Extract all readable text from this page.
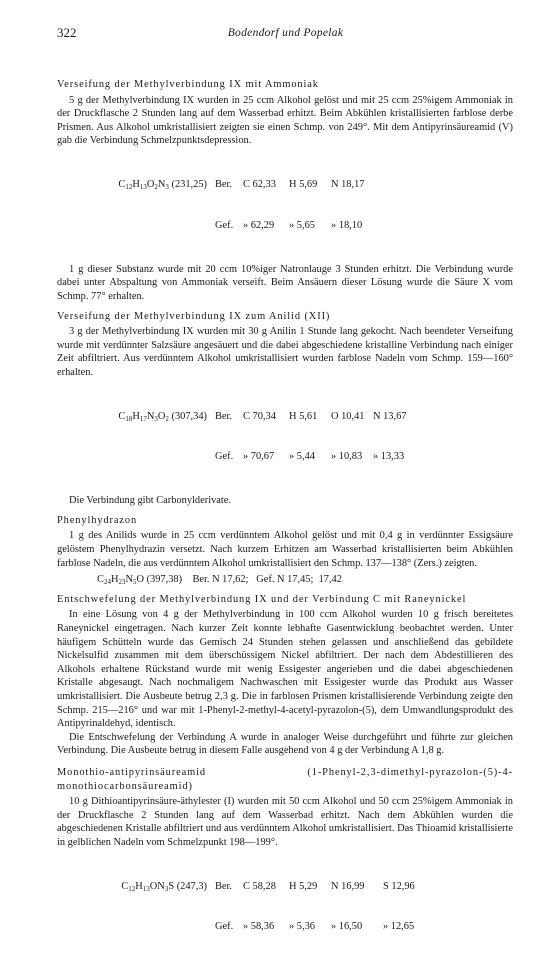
322	Bodendorf und Popelak
Verseifung der Methylverbindung IX mit Ammoniak

5 g der Methylverbindung IX wurden in 25 ccm Alkohol gelöst und mit 25 ccm 25%igem Ammoniak in der Druckflasche 2 Stunden lang auf dem Wasserbad erhitzt. Beim Abkühlen kristallisierten farblose derbe Prismen. Aus Alkohol umkristallisiert zeigten sie einen Schmp. von 249°. Mit dem Antipyrinsäureamid (V) gab die Verbindung Schmelzpunktsdepression.

$C_{12}H_{13}O_2N_3$ (231,25) Ber. C 62,33 H 5,69 N 18,17

Gef. » 62,29 » 5,65 » 18,10

1 g dieser Substanz wurde mit 20 ccm 10%iger Natronlauge 3 Stunden erhitzt. Die Verbindung wurde dabei unter Abspaltung von Ammoniak verseift. Beim Ansäuern dieser Lösung wurde die Säure X vom Schmp. 77° erhalten.

Verseifung der Methylverbindung IX zum Anilid (XII)

3 g der Methylverbindung IX wurden mit 30 g Anilin 1 Stunde lang gekocht. Nach beendeter Verseifung wurde mit verdünnter Salzsäure angesäuert und die dabei abgeschiedene kristalline Verbindung nach einiger Zeit abfiltriert. Aus verdünntem Alkohol umkristallisiert wurden farblose Nadeln vom Schmp. 159—160° erhalten.

$C_{18}H_{17}N_3O_2$ (307,34) Ber. C 70,34 H 5,61 O 10,41 N 13,67

Gef. » 70,67 » 5,44 » 10,83 » 13,33

Die Verbindung gibt Carbonylderivate.

Phenylhydrazon

1 g des Anilids wurde in 25 ccm verdünntem Alkohol gelöst und mit 0,4 g in verdünnter Essigsäure gelöstem Phenylhydrazin versetzt. Nach kurzem Erhitzen am Wasserbad kristallisierten beim Abkühlen farblose Nadeln, die aus verdünntem Alkohol umkristallisiert den Schmp. 137—138° (Zers.) zeigten.

$C_{24}H_{23}N_5O$ (397,38)    Ber. N 17,62;   Gef. N 17,45;  17,42
Entschwefelung der Methylverbindung IX und der Verbindung C mit Raneynickel

In eine Lösung von 4 g der Methylverbindung in 100 ccm Alkohol wurden 10 g frisch bereitetes Raneynickel eingetragen. Nach kurzer Zeit konnte lebhafte Gasentwicklung beobachtet werden. Unter häufigem Schütteln wurde das Gemisch 24 Stunden stehen gelassen und anschließend das gebildete Nickelsulfid zusammen mit dem überschüssigem Nickel abfiltriert. Der nach dem Abdestillieren des Alkohols erhaltene Rückstand wurde mit wenig Essigester angerieben und die dabei abgeschiedenen Kristalle abgesaugt. Nach nochmaligem Nachwaschen mit Essigester wurde das Produkt aus Wasser umkristallisiert. Die Ausbeute betrug 2,3 g. Die in farblosen Prismen kristallisierende Verbindung zeigte den Schmp. 215—216° und war mit 1-Phenyl-2-methyl-4-acetyl-pyrazolon-(5), dem Umwandlungsprodukt des Antipyrinaldehyd, identisch.

Die Entschwefelung der Verbindung A wurde in analoger Weise durchgeführt und führte zur gleichen Verbindung. Die Ausbeute betrug in diesem Falle ausgehend von 4 g der Verbindung A 1,8 g.

Monothio-antipyrinsäureamid	(1-Phenyl-2,3-dimethyl-pyrazolon-(5)-4-
monothiocarbonsäureamid)

10 g Dithioantipyrinsäure-äthylester (I) wurden mit 50 ccm Alkohol und 50 ccm 25%igem Ammoniak in der Druckflasche 2 Stunden lang auf dem Wasserbad erhitzt. Nach dem Abkühlen wurden die abgeschiedenen Kristalle abfiltriert und aus verdünntem Alkohol umkristallisiert. Das Thioamid kristallisierte in gelblichen Nadeln vom Schmelzpunkt 198—199°.

$C_{12}H_{13}ON_3S$ (247,3) Ber. C 58,28 H 5,29 N 16,99 S 12,96

Gef. » 58,36 » 5,36 » 16,50 » 12,65
